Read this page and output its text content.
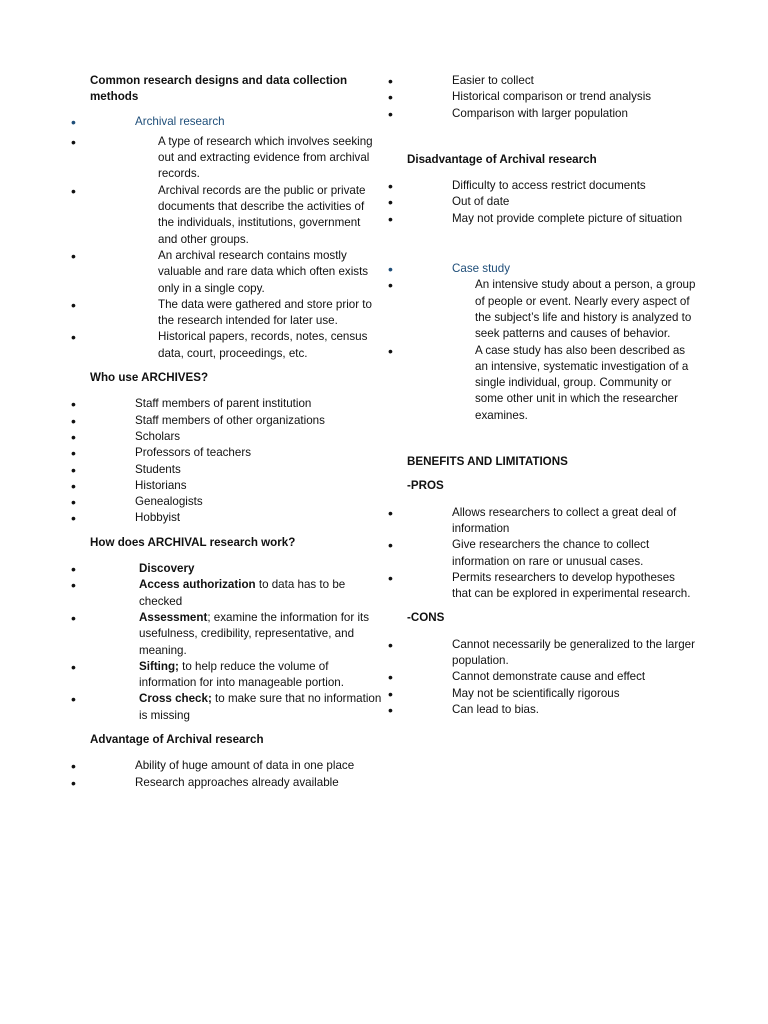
Common research designs and data collection methods

• Archival research
• A type of research which involves seeking out and extracting evidence from archival records.
• Archival records are the public or private documents that describe the activities of the individuals, institutions, government and other groups.
• An archival research contains mostly valuable and rare data which often exists only in a single copy.
• The data were gathered and store prior to the research intended for later use.
• Historical papers, records, notes, census data, court, proceedings, etc.

Who use ARCHIVES?

• Staff members of parent institution
• Staff members of other organizations
• Scholars
• Professors of teachers
• Students
• Historians
• Genealogists
• Hobbyist

How does ARCHIVAL research work?

• Discovery
• Access authorization to data has to be checked
• Assessment; examine the information for its usefulness, credibility, representative, and meaning.
• Sifting; to help reduce the volume of information for into manageable portion.
• Cross check; to make sure that no information is missing

Advantage of Archival research

• Ability of huge amount of data in one place
• Research approaches already available
• Easier to collect
• Historical comparison or trend analysis
• Comparison with larger population

Disadvantage of Archival research

• Difficulty to access restrict documents
• Out of date
• May not provide complete picture of situation
• Case study
• An intensive study about a person, a group of people or event. Nearly every aspect of the subject’s life and history is analyzed to seek patterns and causes of behavior.
• A case study has also been described as an intensive, systematic investigation of a single individual, group. Community or some other unit in which the researcher examines.

BENEFITS AND LIMITATIONS

-PROS

• Allows researchers to collect a great deal of information
• Give researchers the chance to collect information on rare or unusual cases.
• Permits researchers to develop hypotheses that can be explored in experimental research.

-CONS

• Cannot necessarily be generalized to the larger population.
• Cannot demonstrate cause and effect
• May not be scientifically rigorous
• Can lead to bias.
